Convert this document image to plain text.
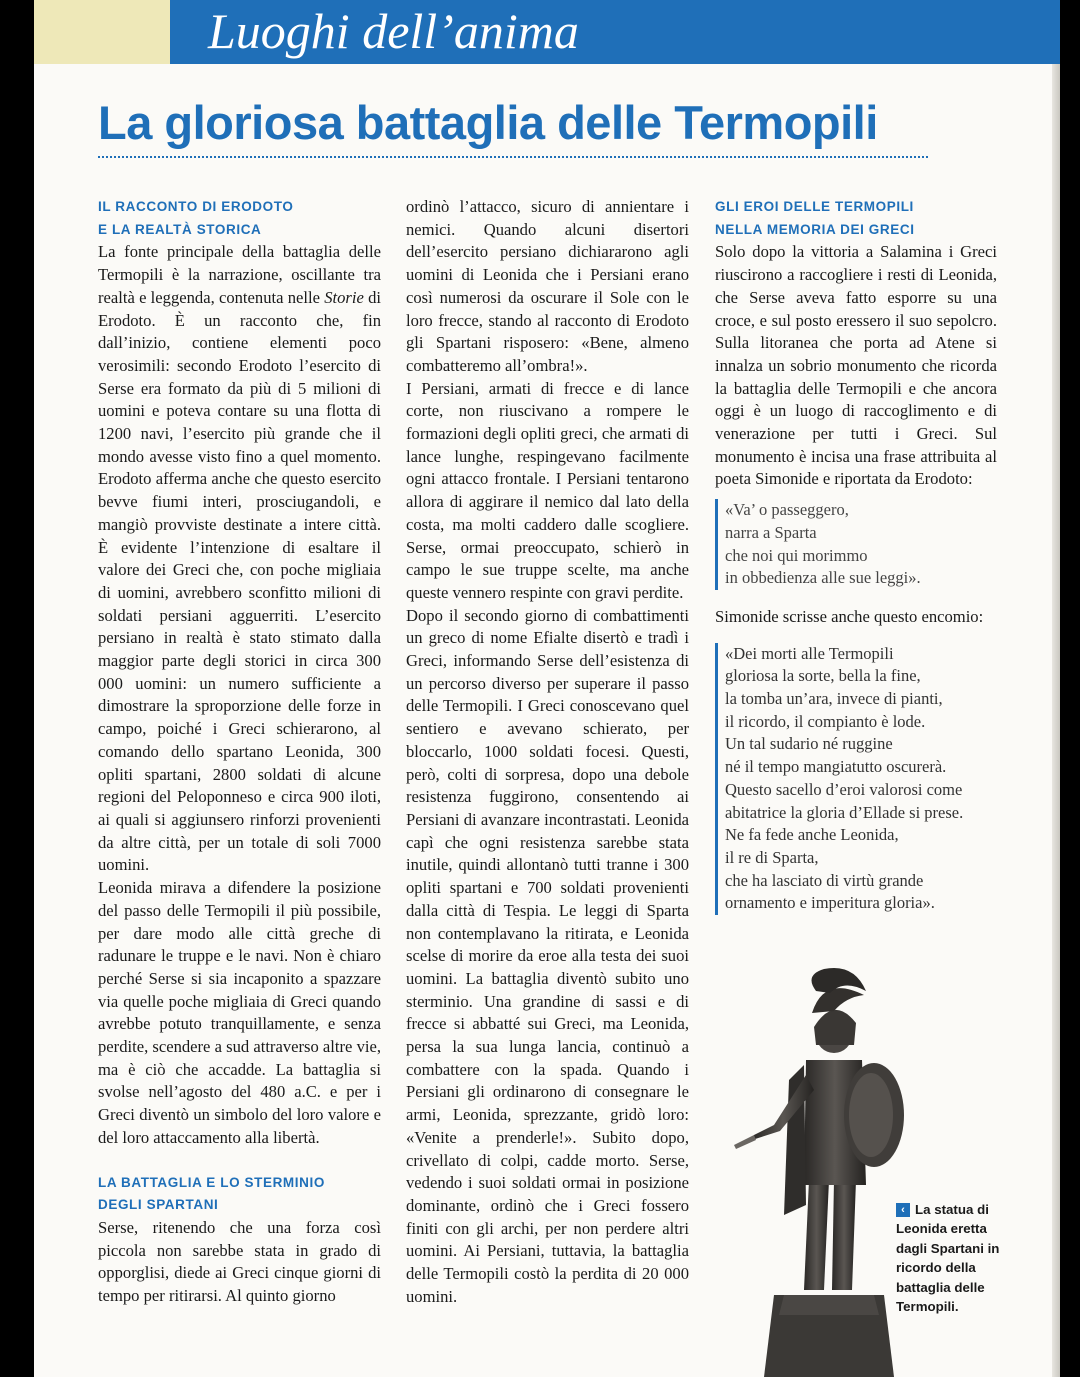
Luoghi dell’anima
La gloriosa battaglia delle Termopili
IL RACCONTO DI ERODOTO
E LA REALTÀ STORICA

La fonte principale della battaglia delle Termopili è la narrazione, oscillante tra realtà e leggenda, contenuta nelle Storie di Erodoto. È un racconto che, fin dall’inizio, contiene elementi poco verosimili: secondo Erodoto l’esercito di Serse era formato da più di 5 milioni di uomini e poteva contare su una flotta di 1200 navi, l’esercito più grande che il mondo avesse visto fino a quel momento. Erodoto afferma anche che questo esercito bevve fiumi interi, prosciugandoli, e mangiò provviste destinate a intere città. È evidente l’intenzione di esaltare il valore dei Greci che, con poche migliaia di uomini, avrebbero sconfitto milioni di soldati persiani agguerriti. L’esercito persiano in realtà è stato stimato dalla maggior parte degli storici in circa 300 000 uomini: un numero sufficiente a dimostrare la sproporzione delle forze in campo, poiché i Greci schierarono, al comando dello spartano Leonida, 300 opliti spartani, 2800 soldati di alcune regioni del Peloponneso e circa 900 iloti, ai quali si aggiunsero rinforzi provenienti da altre città, per un totale di soli 7000 uomini.

Leonida mirava a difendere la posizione del passo delle Termopili il più possibile, per dare modo alle città greche di radunare le truppe e le navi. Non è chiaro perché Serse si sia incaponito a spazzare via quelle poche migliaia di Greci quando avrebbe potuto tranquillamente, e senza perdite, scendere a sud attraverso altre vie, ma è ciò che accadde. La battaglia si svolse nell’agosto del 480 a.C. e per i Greci diventò un simbolo del loro valore e del loro attaccamento alla libertà.

LA BATTAGLIA E LO STERMINIO
DEGLI SPARTANI

Serse, ritenendo che una forza così piccola non sarebbe stata in grado di opporglisi, diede ai Greci cinque giorni di tempo per ritirarsi. Al quinto giorno

ordinò l’attacco, sicuro di annientare i nemici. Quando alcuni disertori dell’esercito persiano dichiararono agli uomini di Leonida che i Persiani erano così numerosi da oscurare il Sole con le loro frecce, stando al racconto di Erodoto gli Spartani risposero: «Bene, almeno combatteremo all’ombra!».

I Persiani, armati di frecce e di lance corte, non riuscivano a rompere le formazioni degli opliti greci, che armati di lance lunghe, respingevano facilmente ogni attacco frontale. I Persiani tentarono allora di aggirare il nemico dal lato della costa, ma molti caddero dalle scogliere. Serse, ormai preoccupato, schierò in campo le sue truppe scelte, ma anche queste vennero respinte con gravi perdite.

Dopo il secondo giorno di combattimenti un greco di nome Efialte disertò e tradì i Greci, informando Serse dell’esistenza di un percorso diverso per superare il passo delle Termopili. I Greci conoscevano quel sentiero e avevano schierato, per bloccarlo, 1000 soldati focesi. Questi, però, colti di sorpresa, dopo una debole resistenza fuggirono, consentendo ai Persiani di avanzare incontrastati. Leonida capì che ogni resistenza sarebbe stata inutile, quindi allontanò tutti tranne i 300 opliti spartani e 700 soldati provenienti dalla città di Tespia. Le leggi di Sparta non contemplavano la ritirata, e Leonida scelse di morire da eroe alla testa dei suoi uomini. La battaglia diventò subito uno sterminio. Una grandine di sassi e di frecce si abbatté sui Greci, ma Leonida, persa la sua lunga lancia, continuò a combattere con la spada. Quando i Persiani gli ordinarono di consegnare le armi, Leonida, sprezzante, gridò loro: «Venite a prenderle!». Subito dopo, crivellato di colpi, cadde morto. Serse, vedendo i suoi soldati ormai in posizione dominante, ordinò che i Greci fossero finiti con gli archi, per non perdere altri uomini. Ai Persiani, tuttavia, la battaglia delle Termopili costò la perdita di 20 000 uomini.

GLI EROI DELLE TERMOPILI
NELLA MEMORIA DEI GRECI

Solo dopo la vittoria a Salamina i Greci riuscirono a raccogliere i resti di Leonida, che Serse aveva fatto esporre su una croce, e sul posto eressero il suo sepolcro. Sulla litoranea che porta ad Atene si innalza un sobrio monumento che ricorda la battaglia delle Termopili e che ancora oggi è un luogo di raccoglimento e di venerazione per tutti i Greci. Sul monumento è incisa una frase attribuita al poeta Simonide e riportata da Erodoto:

«Va’ o passeggero,
narra a Sparta
che noi qui morimmo
in obbedienza alle sue leggi».

Simonide scrisse anche questo encomio:

«Dei morti alle Termopili
gloriosa la sorte, bella la fine,
la tomba un’ara, invece di pianti,
il ricordo, il compianto è lode.
Un tal sudario né ruggine
né il tempo mangiatutto oscurerà.
Questo sacello d’eroi valorosi come
abitatrice la gloria d’Ellade si prese.
Ne fa fede anche Leonida,
il re di Sparta,
che ha lasciato di virtù grande
ornamento e imperitura gloria».
‹ La statua di Leonida eretta dagli Spartani in ricordo della battaglia delle Termopili.
